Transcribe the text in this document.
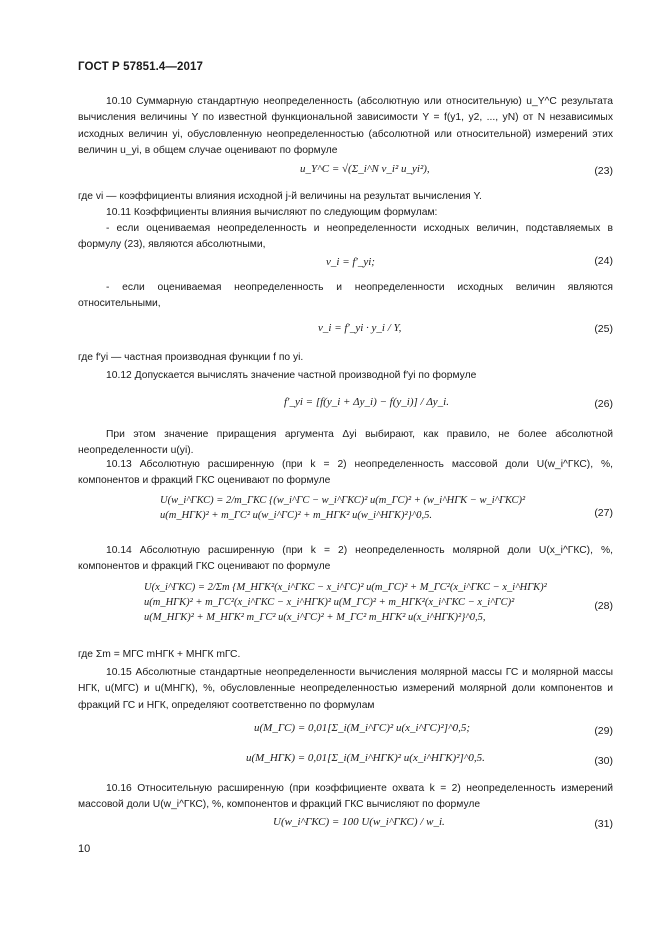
ГОСТ Р 57851.4—2017
10.10 Суммарную стандартную неопределенность (абсолютную или относительную) u_Y^C результата вычисления величины Y по известной функциональной зависимости Y = f(y1, y2, ..., yN) от N независимых исходных величин yi, обусловленную неопределенностью (абсолютной или относительной) измерений этих величин u_yi, в общем случае оценивают по формуле
u_Y^C = √(Σ_i^N v_i² u_yi²),	(23)
где vi — коэффициенты влияния исходной j-й величины на результат вычисления Y.
10.11 Коэффициенты влияния вычисляют по следующим формулам:
- если оцениваемая неопределенность и неопределенности исходных величин, подставляемых в формулу (23), являются абсолютными,
v_i = f′_yi;	(24)
- если оцениваемая неопределенность и неопределенности исходных величин являются относительными,
v_i = f′_yi · y_i / Y,	(25)
где f′yi — частная производная функции f по yi.
10.12 Допускается вычислять значение частной производной f′yi по формуле
f′_yi = [f(y_i + Δy_i) − f(y_i)] / Δy_i.	(26)
При этом значение приращения аргумента Δyi выбирают, как правило, не более абсолютной неопределенности u(yi).
10.13 Абсолютную расширенную (при k = 2) неопределенность массовой доли U(w_i^ГКС), %, компонентов и фракций ГКС оценивают по формуле
U(w_i^ГКС) = 2/m_ГКС {(w_i^ГС − w_i^ГКС)² u(m_ГС)² + (w_i^НГК − w_i^ГКС)² u(m_НГК)² + m_ГС² u(w_i^ГС)² + m_НГК² u(w_i^НГК)²}^0,5.	(27)
10.14 Абсолютную расширенную (при k = 2) неопределенность молярной доли U(x_i^ГКС), %, компонентов и фракций ГКС оценивают по формуле
U(x_i^ГКС) = 2/Σm {M_НГК²(x_i^ГКС − x_i^ГС)² u(m_ГС)² + M_ГС²(x_i^ГКС − x_i^НГК)² u(m_НГК)² + m_ГС²(x_i^ГКС − x_i^НГК)² u(M_ГС)² + m_НГК²(x_i^ГКС − x_i^ГС)² u(M_НГК)² + M_НГК² m_ГС² u(x_i^ГС)² + M_ГС² m_НГК² u(x_i^НГК)²}^0,5,
(28)
где Σm = MГС mНГК + MНГК mГС.
10.15 Абсолютные стандартные неопределенности вычисления молярной массы ГС и молярной массы НГК, u(MГС) и u(MНГК), %, обусловленные неопределенностью измерений молярной доли компонентов и фракций ГС и НГК, определяют соответственно по формулам
u(M_ГС) = 0,01[Σ_i(M_i^ГС)² u(x_i^ГС)²]^0,5;	(29)
u(M_НГК) = 0,01[Σ_i(M_i^НГК)² u(x_i^НГК)²]^0,5.	(30)
10.16 Относительную расширенную (при коэффициенте охвата k = 2) неопределенность измерений массовой доли U(w_i^ГКС), %, компонентов и фракций ГКС вычисляют по формуле
U(w_i^ГКС) = 100 U(w_i^ГКС) / w_i.	(31)
10
